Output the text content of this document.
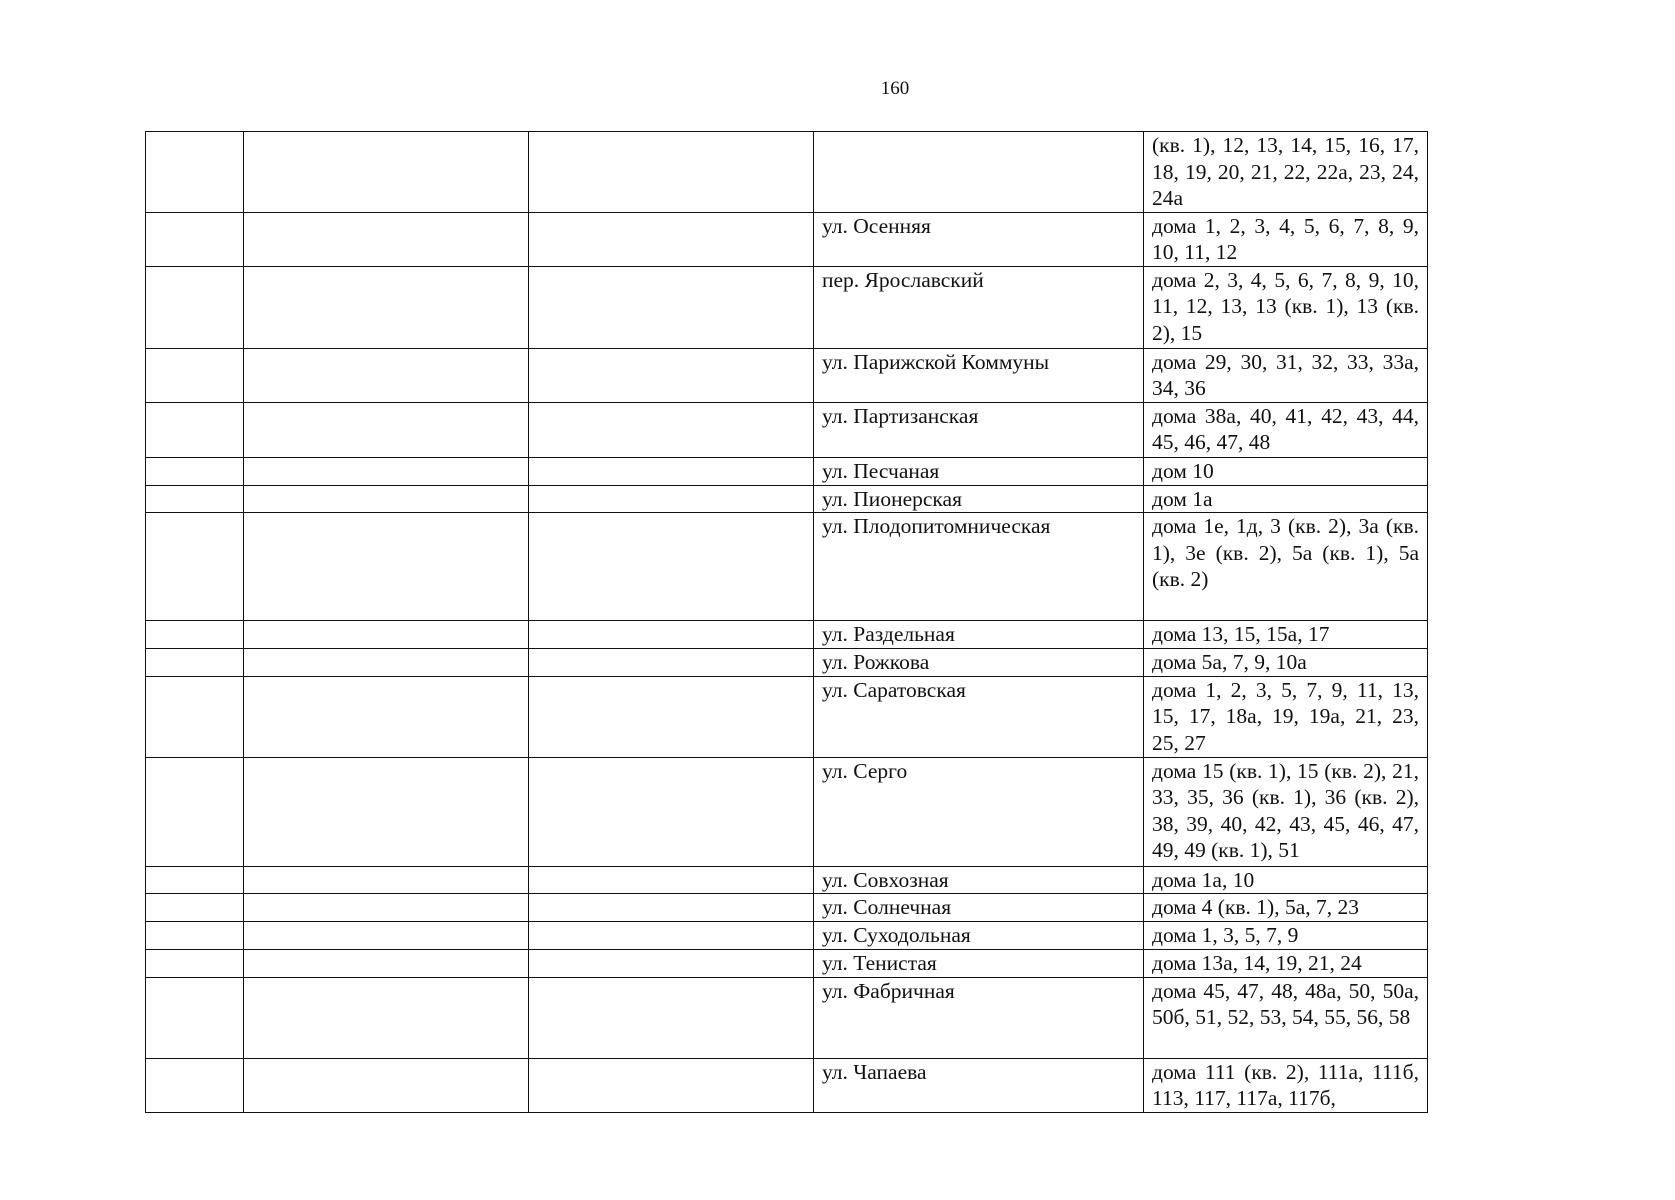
160
				(кв. 1), 12, 13, 14, 15, 16, 17, 18, 19, 20, 21, 22, 22а, 23, 24, 24а
			ул. Осенняя	дома 1, 2, 3, 4, 5, 6, 7, 8, 9, 10, 11, 12
			пер. Ярославский	дома 2, 3, 4, 5, 6, 7, 8, 9, 10, 11, 12, 13, 13 (кв. 1), 13 (кв. 2), 15
			ул. Парижской Коммуны	дома 29, 30, 31, 32, 33, 33а, 34, 36
			ул. Партизанская	дома 38а, 40, 41, 42, 43, 44, 45, 46, 47, 48
			ул. Песчаная	дом 10
			ул. Пионерская	дом 1а
			ул. Плодопитомническая	дома 1е, 1д, 3 (кв. 2), 3а (кв. 1), 3е (кв. 2), 5а (кв. 1), 5а (кв. 2)
			ул. Раздельная	дома 13, 15, 15а, 17
			ул. Рожкова	дома 5а, 7, 9, 10а
			ул. Саратовская	дома 1, 2, 3, 5, 7, 9, 11, 13, 15, 17, 18а, 19, 19а, 21, 23, 25, 27
			ул. Серго	дома 15 (кв. 1), 15 (кв. 2), 21, 33, 35, 36 (кв. 1), 36 (кв. 2), 38, 39, 40, 42, 43, 45, 46, 47, 49, 49 (кв. 1), 51
			ул. Совхозная	дома 1а, 10
			ул. Солнечная	дома 4 (кв. 1), 5а, 7, 23
			ул. Суходольная	дома 1, 3, 5, 7, 9
			ул. Тенистая	дома 13а, 14, 19, 21, 24
			ул. Фабричная	дома 45, 47, 48, 48а, 50, 50а, 50б, 51, 52, 53, 54, 55, 56, 58
			ул. Чапаева	дома 111 (кв. 2), 111а, 111б, 113, 117, 117а, 117б,
